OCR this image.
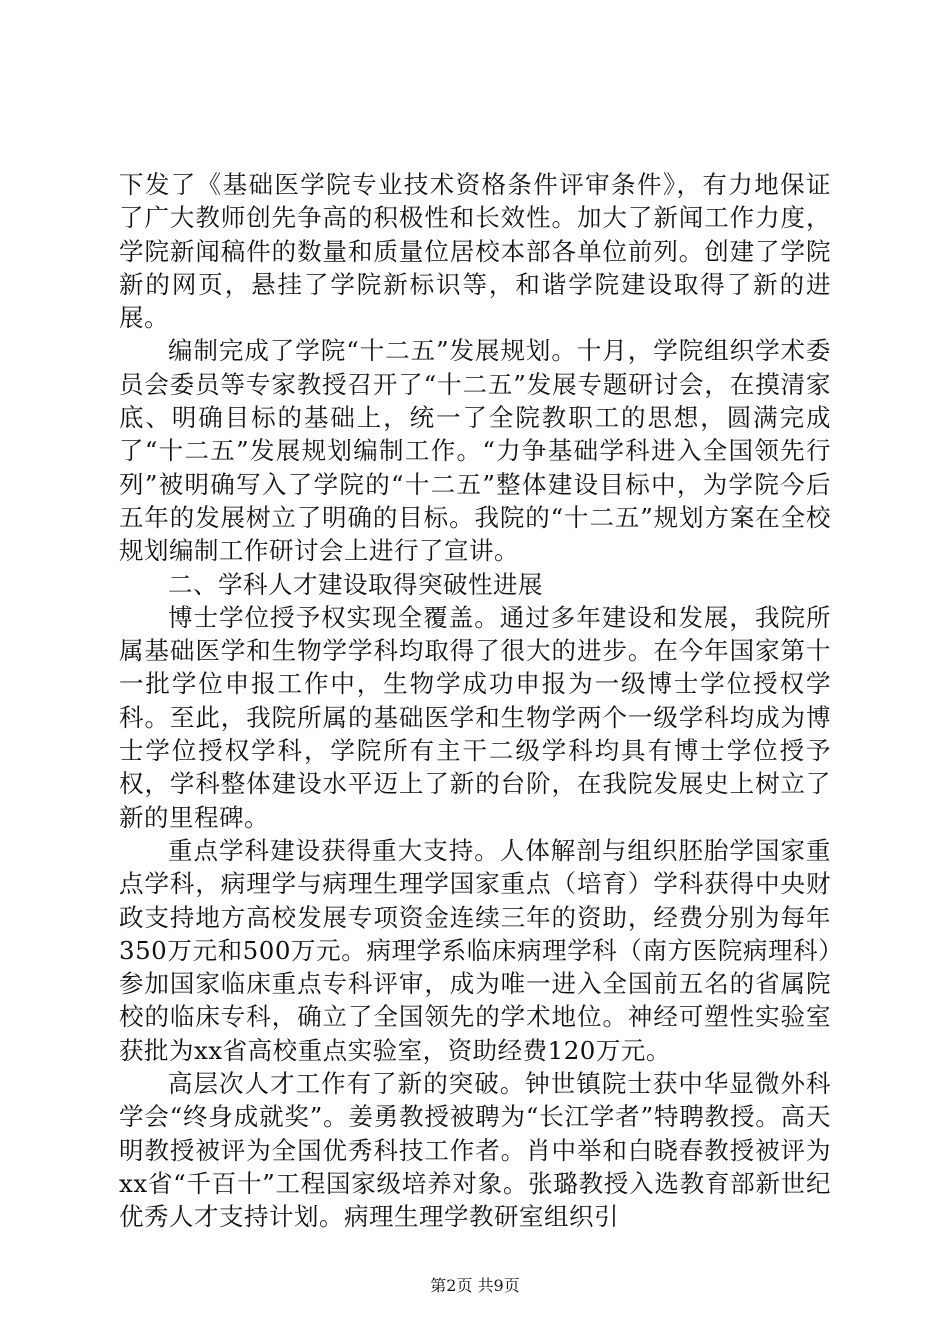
下发了《基础医学院专业技术资格条件评审条件》，有力地保证了广大教师创先争高的积极性和长效性。加大了新闻工作力度，学院新闻稿件的数量和质量位居校本部各单位前列。创建了学院新的网页，悬挂了学院新标识等，和谐学院建设取得了新的进展。

编制完成了学院“十二五”发展规划。十月，学院组织学术委员会委员等专家教授召开了“十二五”发展专题研讨会，在摸清家底、明确目标的基础上，统一了全院教职工的思想，圆满完成了“十二五”发展规划编制工作。“力争基础学科进入全国领先行列”被明确写入了学院的“十二五”整体建设目标中，为学院今后五年的发展树立了明确的目标。我院的“十二五”规划方案在全校规划编制工作研讨会上进行了宣讲。

二、学科人才建设取得突破性进展

博士学位授予权实现全覆盖。通过多年建设和发展，我院所属基础医学和生物学学科均取得了很大的进步。在今年国家第十一批学位申报工作中，生物学成功申报为一级博士学位授权学科。至此，我院所属的基础医学和生物学两个一级学科均成为博士学位授权学科，学院所有主干二级学科均具有博士学位授予权，学科整体建设水平迈上了新的台阶，在我院发展史上树立了新的里程碑。

重点学科建设获得重大支持。人体解剖与组织胚胎学国家重点学科，病理学与病理生理学国家重点（培育）学科获得中央财政支持地方高校发展专项资金连续三年的资助，经费分别为每年350万元和500万元。病理学系临床病理学科（南方医院病理科）参加国家临床重点专科评审，成为唯一进入全国前五名的省属院校的临床专科，确立了全国领先的学术地位。神经可塑性实验室获批为xx省高校重点实验室，资助经费120万元。

高层次人才工作有了新的突破。钟世镇院士获中华显微外科学会“终身成就奖”。姜勇教授被聘为“长江学者”特聘教授。高天明教授被评为全国优秀科技工作者。肖中举和白晓春教授被评为xx省“千百十”工程国家级培养对象。张璐教授入选教育部新世纪优秀人才支持计划。病理生理学教研室组织引

第2页 共9页
